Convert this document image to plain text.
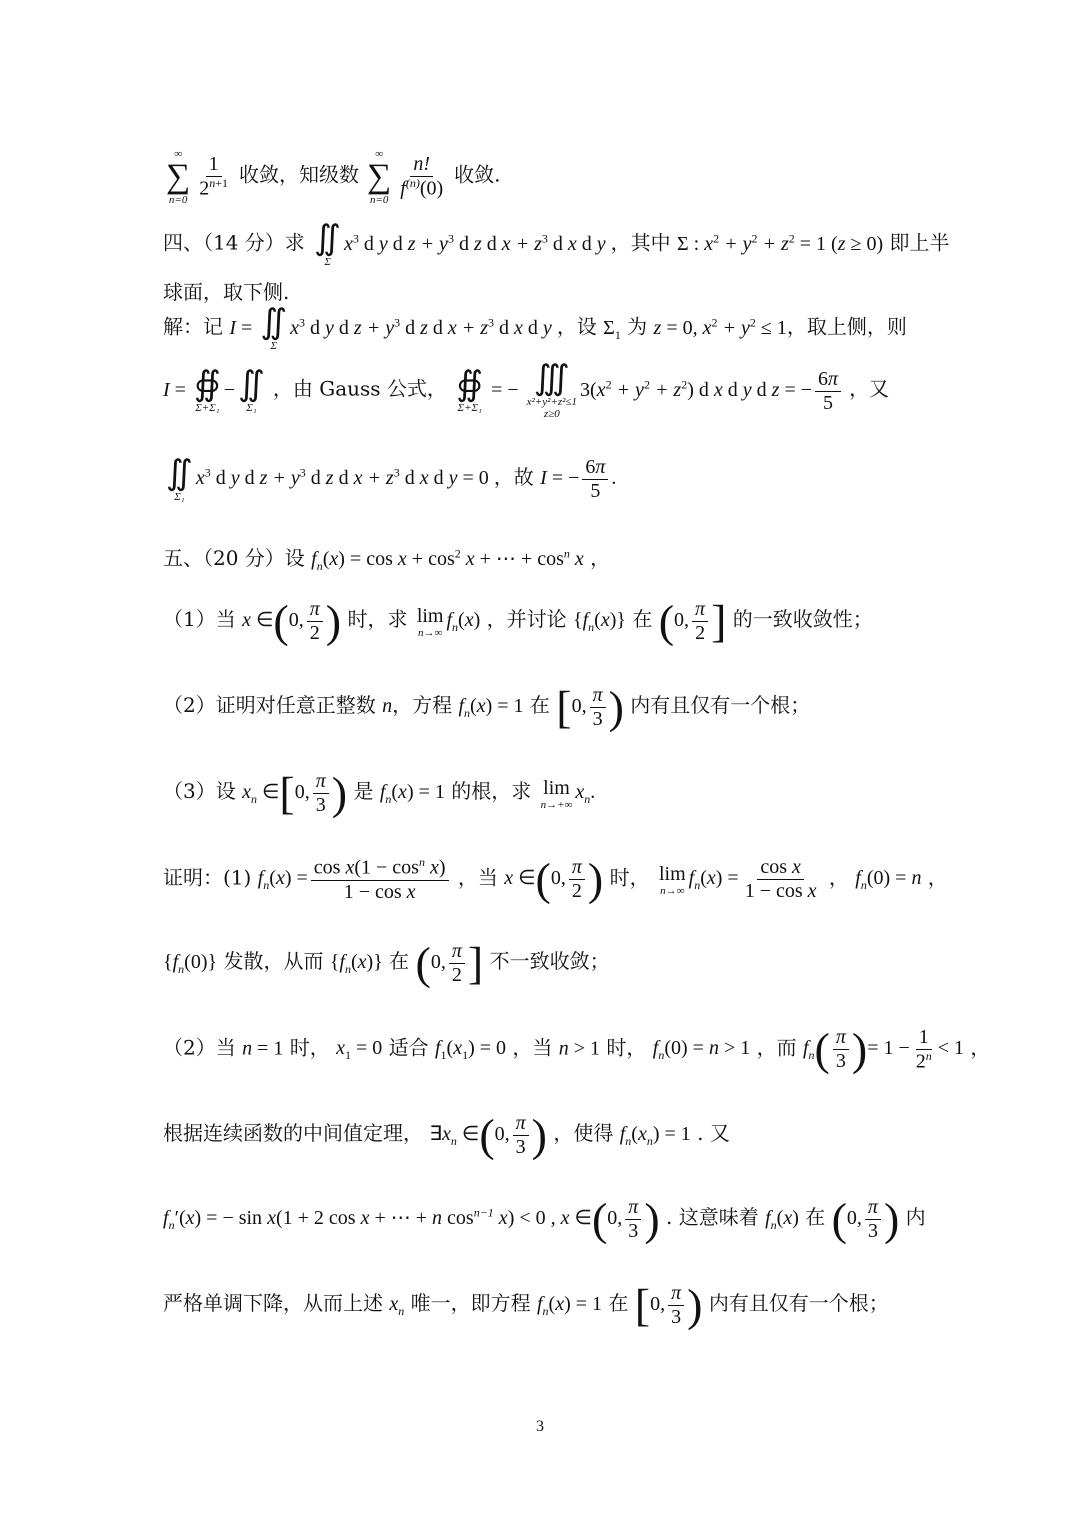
∞
∑
$n=0 \frac{1}{2^{n+1}}$ 收敛，知级数
∞
∑
$n=0 \frac{n!}{f^{(n)}(0)}$ 收敛.
四、（14 分）求 ∬
Σ
$x^3$ d y d $z + y^3$ d z d $x + z^3$ d x d y ，其中 Σ : $x^2 + y^2 + z^2 = 1$ (z ≥ 0) 即上半
球面，取下侧.
解：记 I = ∬
Σ
$x^3$ d y d $z + y^3$ d z d $x + z^3$ d x d y ，设 $\Sigma_1$ 为 z = 0, $x^2 + y^2 \le 1$，取上侧，则
I = ∯
Σ+Σ₁
− ∬
Σ₁
，由 Gauss 公式， ∯
Σ+Σ₁
= − ∭
x²+y²+z²≤1
z≥0
$3(x^2 + y^2 + z^2)$ d x d y d z = − $\frac{6\pi}{5}$ ，又
∬
Σ₁
$x^3$ d y d $z + y^3$ d z d $x + z^3$ d x d y = 0 ，故 I = − $\frac{6\pi}{5}$ .
五、（20 分）设 $f_n(x) = \cos x + \cos^2 x$ + ⋯ + $\cos^n x$ ，
（1）当 x ∈(0, $\frac{\pi}{2}$ ) 时，求 lim
n→∞
$f_n(x)$ ，并讨论 $\{f_n(x)\}$ 在 (0, $\frac{\pi}{2}$ ] 的一致收敛性；
（2）证明对任意正整数 n，方程 $f_n(x) = 1$ 在 [0, $\frac{\pi}{3}$ ) 内有且仅有一个根；
（3）设 $x_n$ ∈[0, $\frac{\pi}{3}$ ) 是 $f_n(x) = 1$ 的根，求 lim
n→+∞
$x_n$.
证明：(1) $f_n(x) = \frac{\cos x(1 - \cos^n x)}{\text{1 − cos x}}$ ，当 x ∈(0, $\frac{\pi}{2}$ ) 时， lim
n→∞
$f_n(x) = \frac{\text{cos x}}{\text{1 − cos x}}$ ， $f_n(0) = n$ ，
$\{f_n(0)\}$ 发散，从而 $\{f_n(x)\}$ 在 (0, $\frac{\pi}{2}$ ] 不一致收敛；
（2）当 n = 1 时， $x_1 = 0$ 适合 $f_1(x_1) = 0$ ，当 n > 1 时， $f_n(0) = n > 1$ ，而 $f_n( \frac{\pi}{3}$ )= $1 - \frac{1}{2^n} < 1$ ，
根据连续函数的中间值定理， $\exists x_n$ ∈(0, $\frac{\pi}{3}$ ) ，使得 $f_n(x_n) = 1$ . 又
$f_n'(x)$ = − sin x(1 + 2 cos x + ⋯ + n $\cos^{n-1} x) < 0$ , x ∈(0, $\frac{\pi}{3}$ ) . 这意味着 $f_n(x)$ 在 (0, $\frac{\pi}{3}$ ) 内
严格单调下降，从而上述 $x_n$ 唯一，即方程 $f_n(x) = 1$ 在 [0, $\frac{\pi}{3}$ ) 内有且仅有一个根；
3
